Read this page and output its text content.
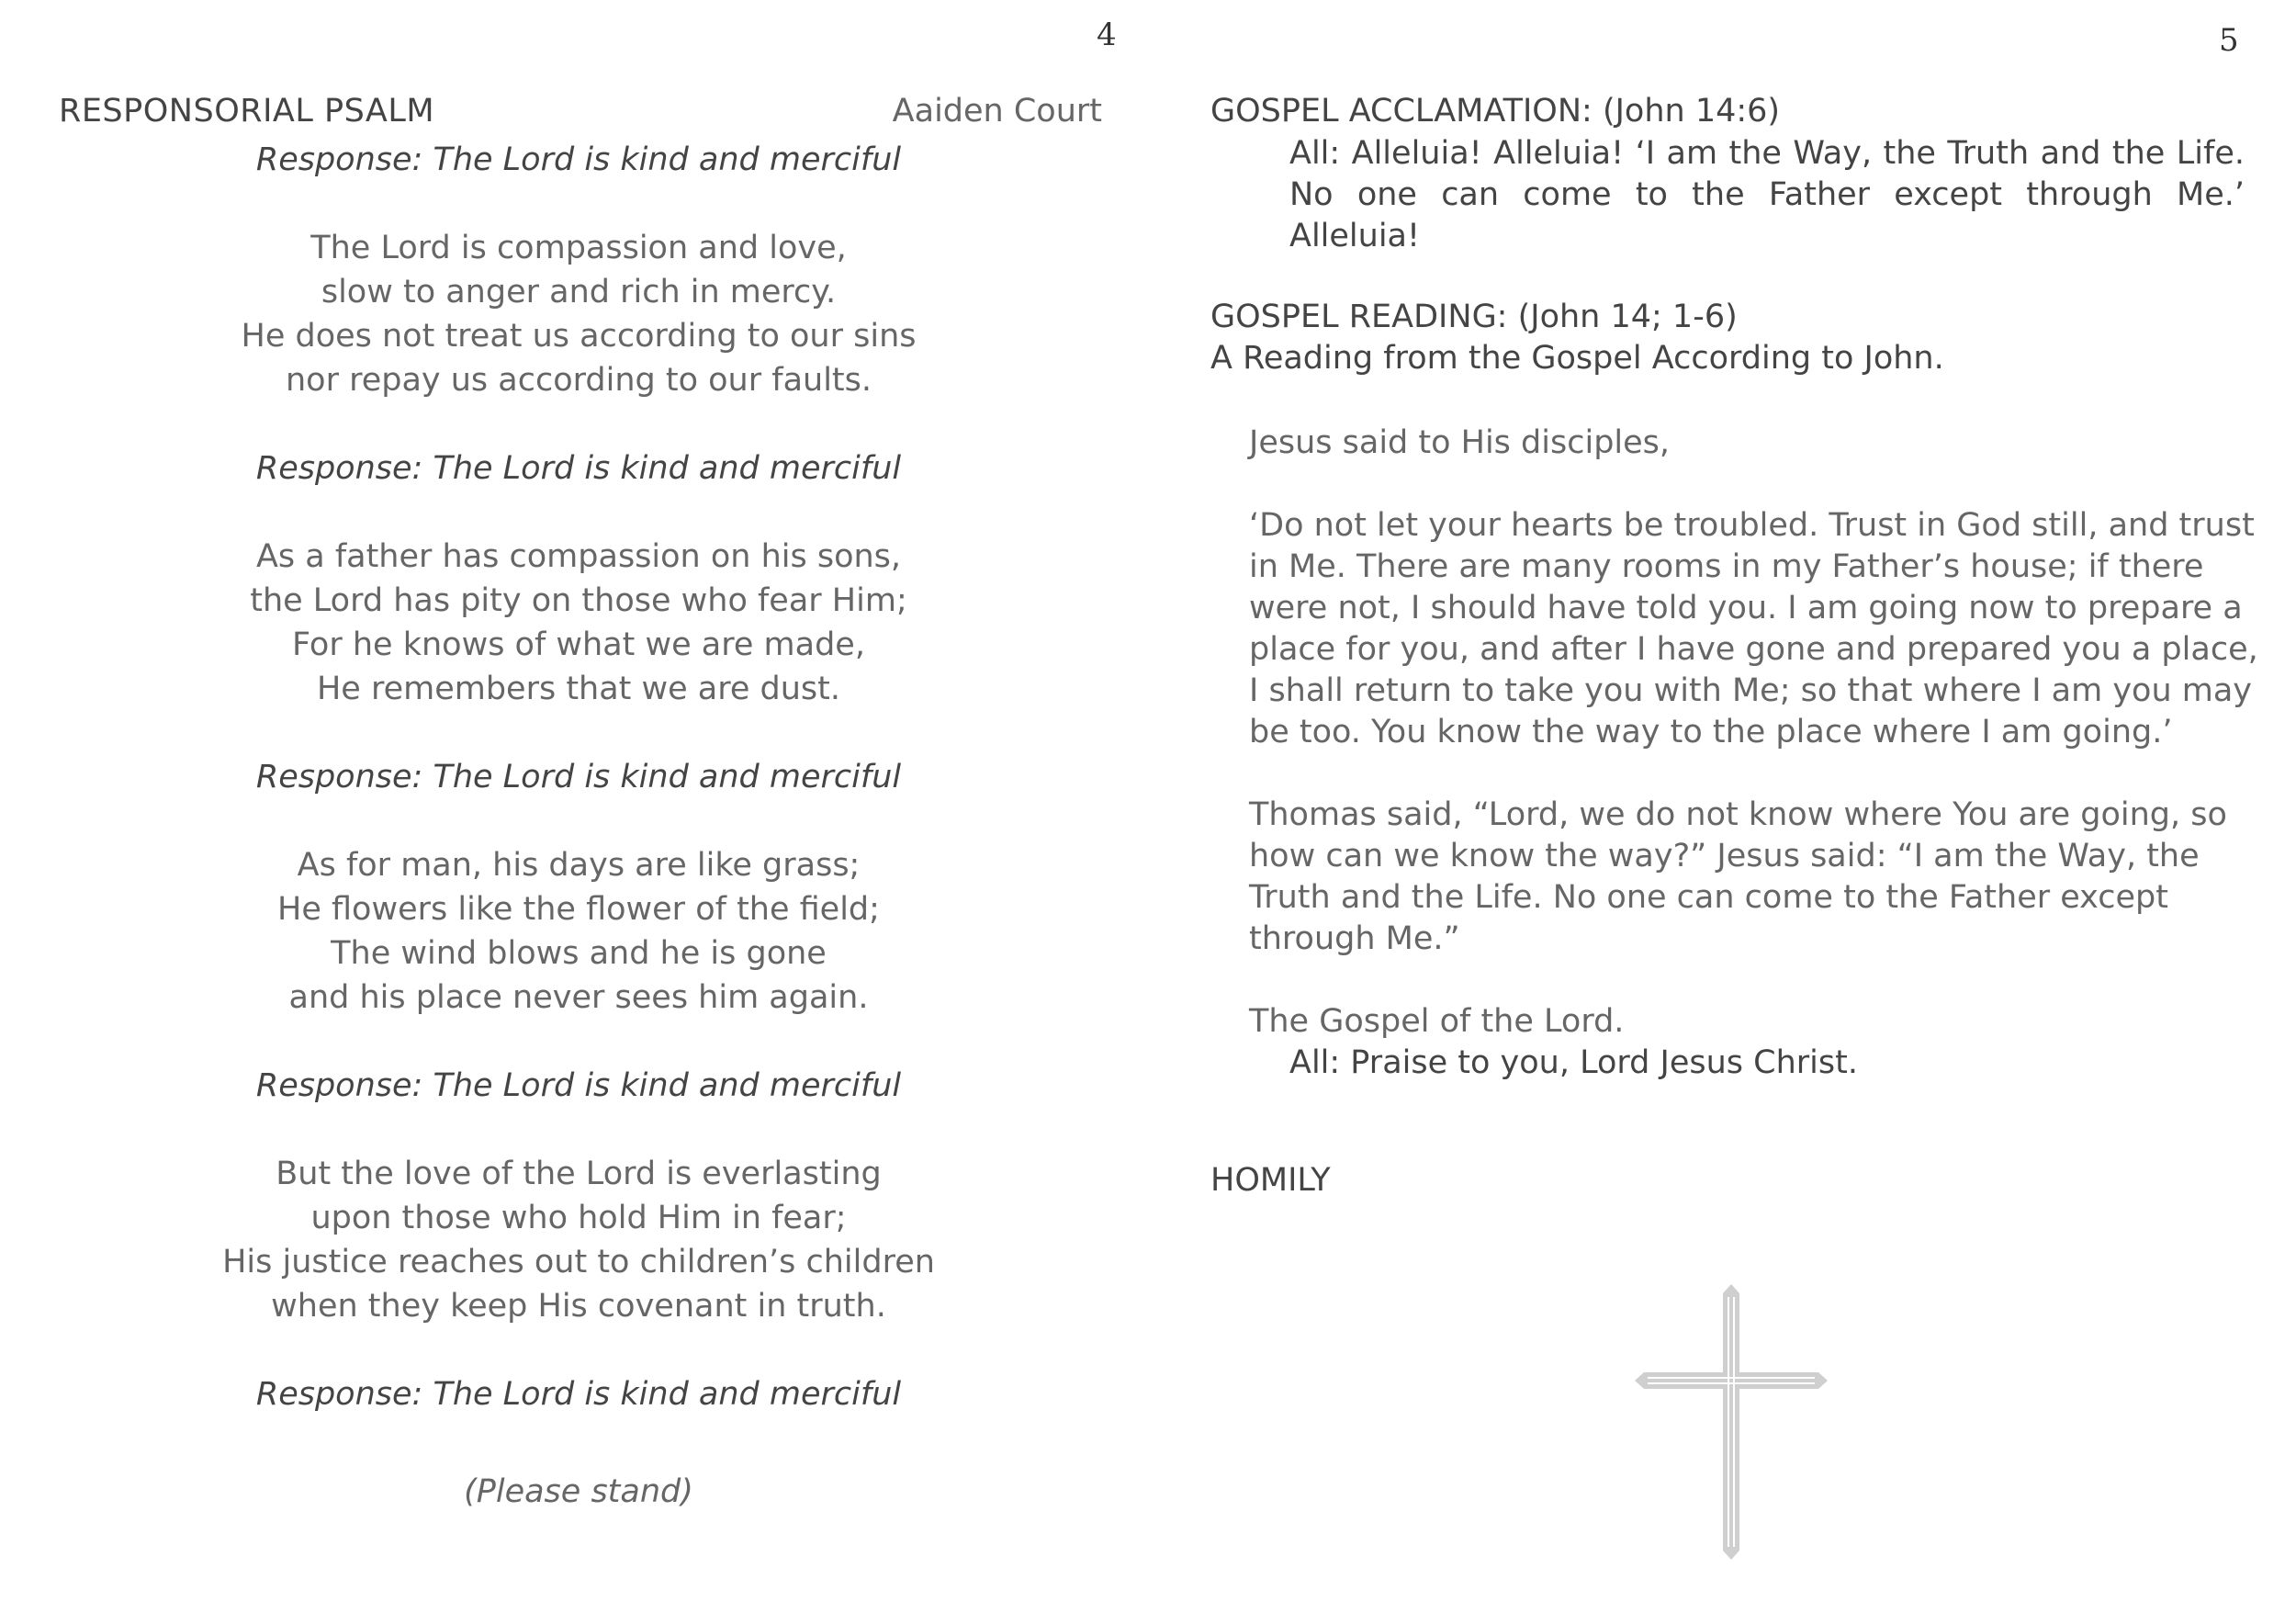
4	5
RESPONSORIAL PSALM	Aaiden Court
Response: The Lord is kind and merciful
The Lord is compassion and love,
slow to anger and rich in mercy.
He does not treat us according to our sins
nor repay us according to our faults.
Response: The Lord is kind and merciful
As a father has compassion on his sons,
the Lord has pity on those who fear Him;
For he knows of what we are made,
He remembers that we are dust.
Response: The Lord is kind and merciful
As for man, his days are like grass;
He flowers like the flower of the field;
The wind blows and he is gone
and his place never sees him again.
Response: The Lord is kind and merciful
But the love of the Lord is everlasting
upon those who hold Him in fear;
His justice reaches out to children’s children
when they keep His covenant in truth.
Response: The Lord is kind and merciful
(Please stand)
GOSPEL ACCLAMATION: (John 14:6)
All: Alleluia! Alleluia! ‘I am the Way, the Truth and the Life. No one can come to the Father except through Me.’ Alleluia!
GOSPEL READING: (John 14; 1-6)
A Reading from the Gospel According to John.

Jesus said to His disciples,

‘Do not let your hearts be troubled. Trust in God still, and trust in Me. There are many rooms in my Father’s house; if there were not, I should have told you. I am going now to prepare a place for you, and after I have gone and prepared you a place, I shall return to take you with Me; so that where I am you may be too. You know the way to the place where I am going.’

Thomas said, “Lord, we do not know where You are going, so how can we know the way?” Jesus said: “I am the Way, the Truth and the Life. No one can come to the Father except through Me.”

The Gospel of the Lord.
All: Praise to you, Lord Jesus Christ.
HOMILY
